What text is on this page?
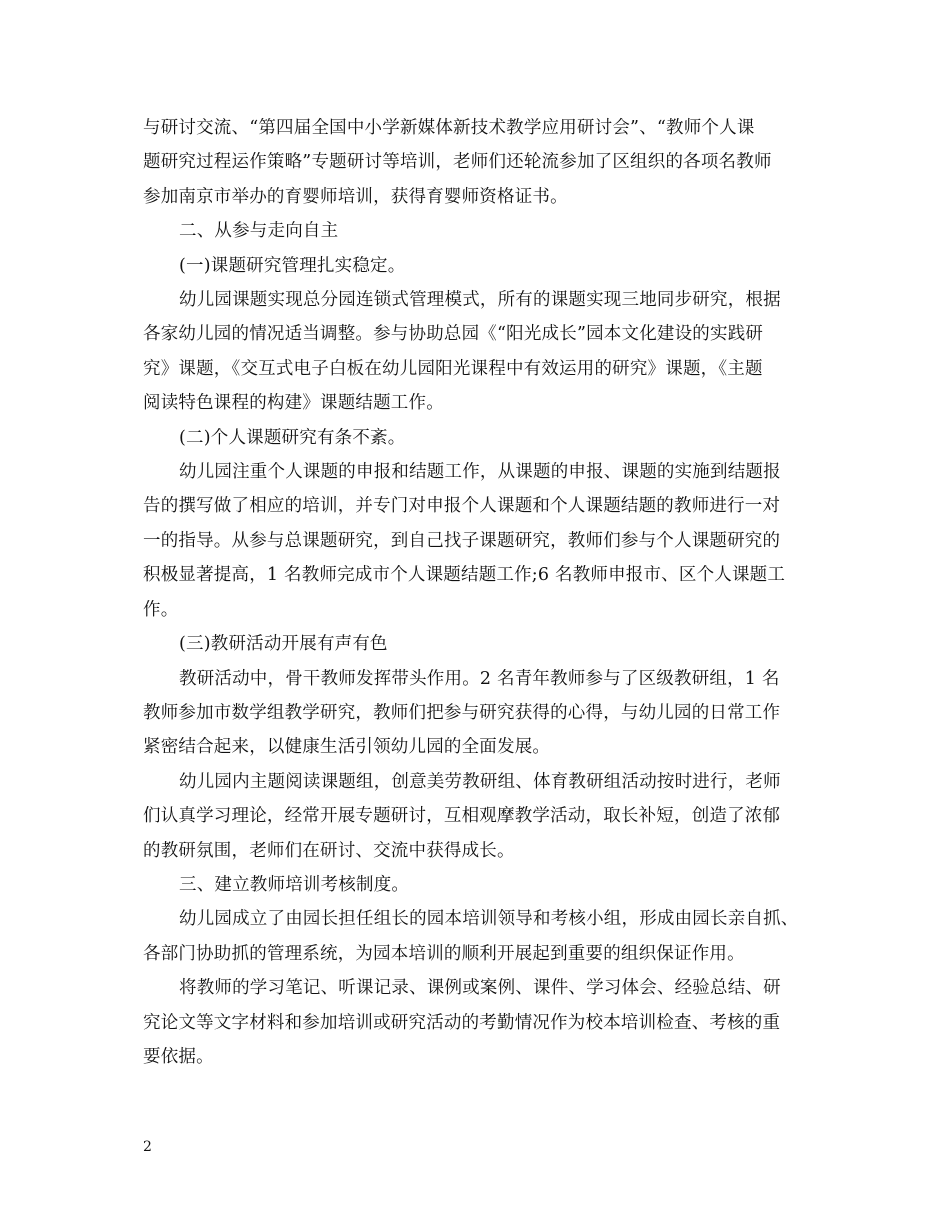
与研讨交流、“第四届全国中小学新媒体新技术教学应用研讨会”、“教师个人课
题研究过程运作策略”专题研讨等培训，老师们还轮流参加了区组织的各项名教师
参加南京市举办的育婴师培训，获得育婴师资格证书。
二、从参与走向自主
(一)课题研究管理扎实稳定。
幼儿园课题实现总分园连锁式管理模式，所有的课题实现三地同步研究，根据
各家幼儿园的情况适当调整。参与协助总园《“阳光成长”园本文化建设的实践研
究》课题，《交互式电子白板在幼儿园阳光课程中有效运用的研究》课题，《主题
阅读特色课程的构建》课题结题工作。
(二)个人课题研究有条不紊。
幼儿园注重个人课题的申报和结题工作，从课题的申报、课题的实施到结题报
告的撰写做了相应的培训，并专门对申报个人课题和个人课题结题的教师进行一对
一的指导。从参与总课题研究，到自己找子课题研究，教师们参与个人课题研究的
积极显著提高，1 名教师完成市个人课题结题工作;6 名教师申报市、区个人课题工
作。
(三)教研活动开展有声有色
教研活动中，骨干教师发挥带头作用。2 名青年教师参与了区级教研组，1 名
教师参加市数学组教学研究，教师们把参与研究获得的心得，与幼儿园的日常工作
紧密结合起来，以健康生活引领幼儿园的全面发展。
幼儿园内主题阅读课题组，创意美劳教研组、体育教研组活动按时进行，老师
们认真学习理论，经常开展专题研讨，互相观摩教学活动，取长补短，创造了浓郁
的教研氛围，老师们在研讨、交流中获得成长。
三、建立教师培训考核制度。
幼儿园成立了由园长担任组长的园本培训领导和考核小组，形成由园长亲自抓、
各部门协助抓的管理系统，为园本培训的顺利开展起到重要的组织保证作用。
将教师的学习笔记、听课记录、课例或案例、课件、学习体会、经验总结、研
究论文等文字材料和参加培训或研究活动的考勤情况作为校本培训检查、考核的重
要依据。
2
